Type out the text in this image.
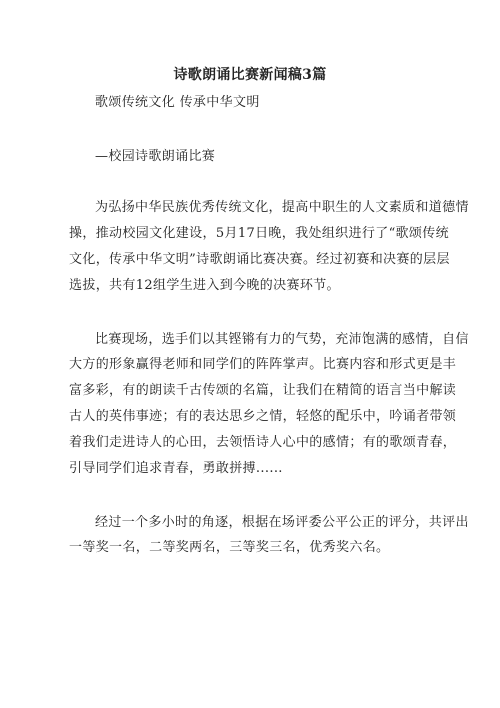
诗歌朗诵比赛新闻稿3篇
歌颂传统文化 传承中华文明
—校园诗歌朗诵比赛
为弘扬中华民族优秀传统文化，提高中职生的人文素质和道德情
操，推动校园文化建设，5月17日晚，我处组织进行了“歌颂传统
文化，传承中华文明”诗歌朗诵比赛决赛。经过初赛和决赛的层层
选拔，共有12组学生进入到今晚的决赛环节。
比赛现场，选手们以其铿锵有力的气势，充沛饱满的感情，自信
大方的形象赢得老师和同学们的阵阵掌声。比赛内容和形式更是丰
富多彩，有的朗读千古传颂的名篇，让我们在精简的语言当中解读
古人的英伟事迹；有的表达思乡之情，轻悠的配乐中，吟诵者带领
着我们走进诗人的心田，去领悟诗人心中的感情；有的歌颂青春，
引导同学们追求青春，勇敢拼搏......
经过一个多小时的角逐，根据在场评委公平公正的评分，共评出
一等奖一名，二等奖两名，三等奖三名，优秀奖六名。
